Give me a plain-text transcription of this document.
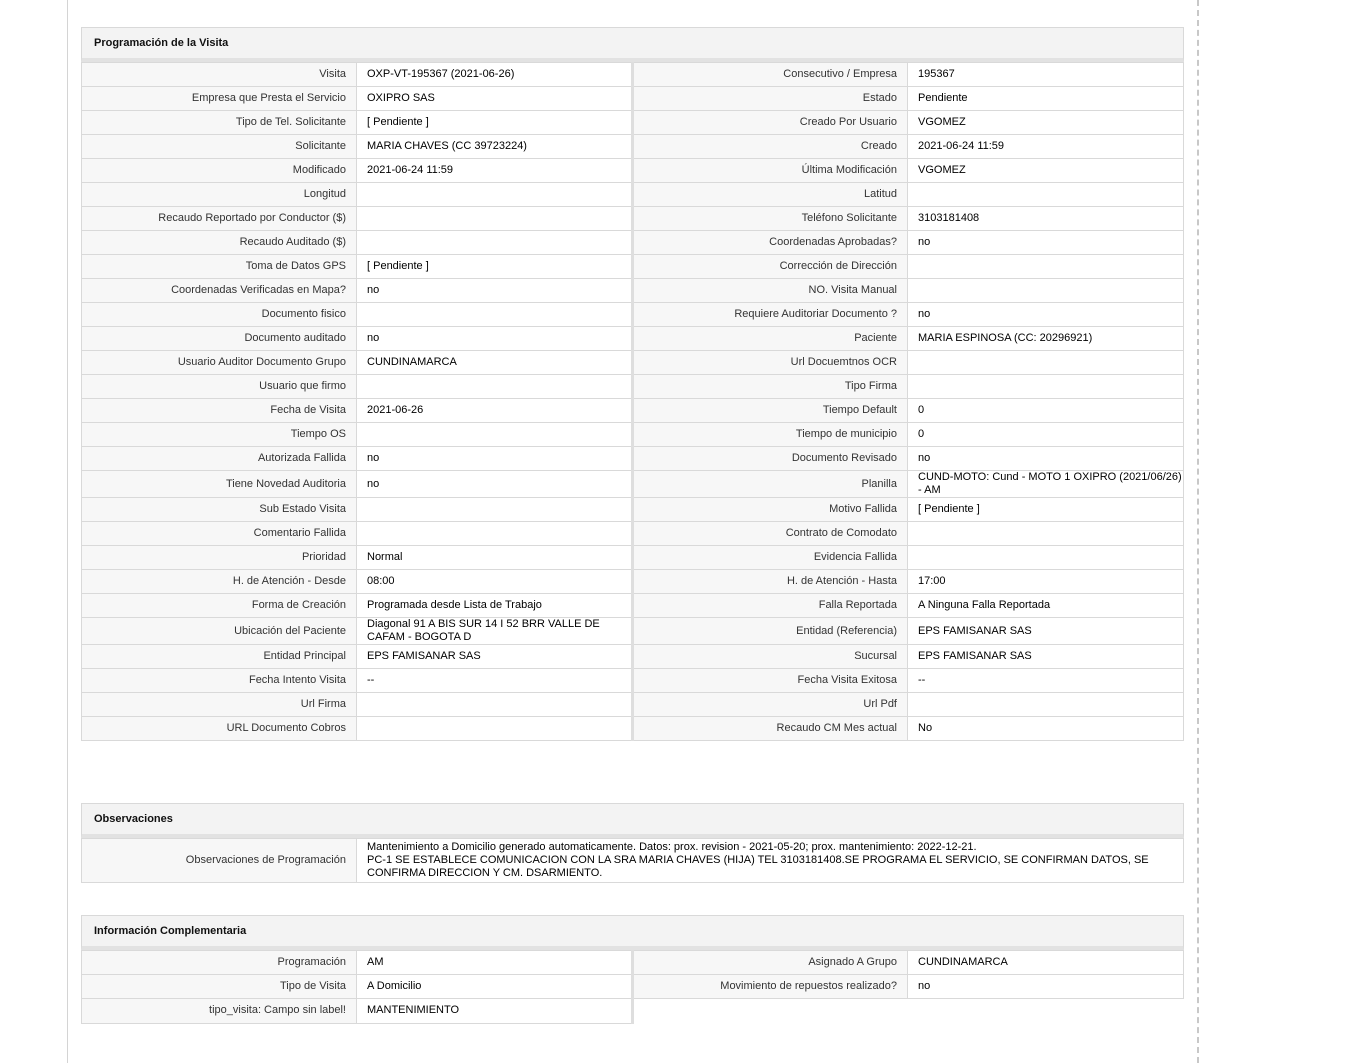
Programación de la Visita
Visita	OXP-VT-195367 (2021-06-26)	Consecutivo / Empresa	195367
Empresa que Presta el Servicio	OXIPRO SAS	Estado	Pendiente
Tipo de Tel. Solicitante	[ Pendiente ]	Creado Por Usuario	VGOMEZ
Solicitante	MARIA CHAVES (CC 39723224)	Creado	2021-06-24 11:59
Modificado	2021-06-24 11:59	Última Modificación	VGOMEZ
Longitud		Latitud	
Recaudo Reportado por Conductor ($)		Teléfono Solicitante	3103181408
Recaudo Auditado ($)		Coordenadas Aprobadas?	no
Toma de Datos GPS	[ Pendiente ]	Corrección de Dirección	
Coordenadas Verificadas en Mapa?	no	NO. Visita Manual	
Documento fisico		Requiere Auditoriar Documento ?	no
Documento auditado	no	Paciente	MARIA ESPINOSA (CC: 20296921)
Usuario Auditor Documento Grupo	CUNDINAMARCA	Url Docuemtnos OCR	
Usuario que firmo		Tipo Firma	
Fecha de Visita	2021-06-26	Tiempo Default	0
Tiempo OS		Tiempo de municipio	0
Autorizada Fallida	no	Documento Revisado	no
Tiene Novedad Auditoria	no	Planilla	CUND-MOTO: Cund - MOTO 1 OXIPRO (2021/06/26) - AM
Sub Estado Visita		Motivo Fallida	[ Pendiente ]
Comentario Fallida		Contrato de Comodato	
Prioridad	Normal	Evidencia Fallida	
H. de Atención - Desde	08:00	H. de Atención - Hasta	17:00
Forma de Creación	Programada desde Lista de Trabajo	Falla Reportada	A Ninguna Falla Reportada
Ubicación del Paciente	Diagonal 91 A BIS SUR 14 I 52 BRR VALLE DE CAFAM - BOGOTA D	Entidad (Referencia)	EPS FAMISANAR SAS
Entidad Principal	EPS FAMISANAR SAS	Sucursal	EPS FAMISANAR SAS
Fecha Intento Visita	--	Fecha Visita Exitosa	--
Url Firma		Url Pdf	
URL Documento Cobros		Recaudo CM Mes actual	No
Observaciones
Observaciones de Programación	Mantenimiento a Domicilio generado automaticamente. Datos: prox. revision - 2021-05-20; prox. mantenimiento: 2022-12-21.
PC-1 SE ESTABLECE COMUNICACION CON LA SRA MARIA CHAVES (HIJA) TEL 3103181408.SE PROGRAMA EL SERVICIO, SE CONFIRMAN DATOS, SE CONFIRMA DIRECCION Y CM. DSARMIENTO.
Información Complementaria
Programación	AM	Asignado A Grupo	CUNDINAMARCA
Tipo de Visita	A Domicilio	Movimiento de repuestos realizado?	no
tipo_visita: Campo sin label!	MANTENIMIENTO		
